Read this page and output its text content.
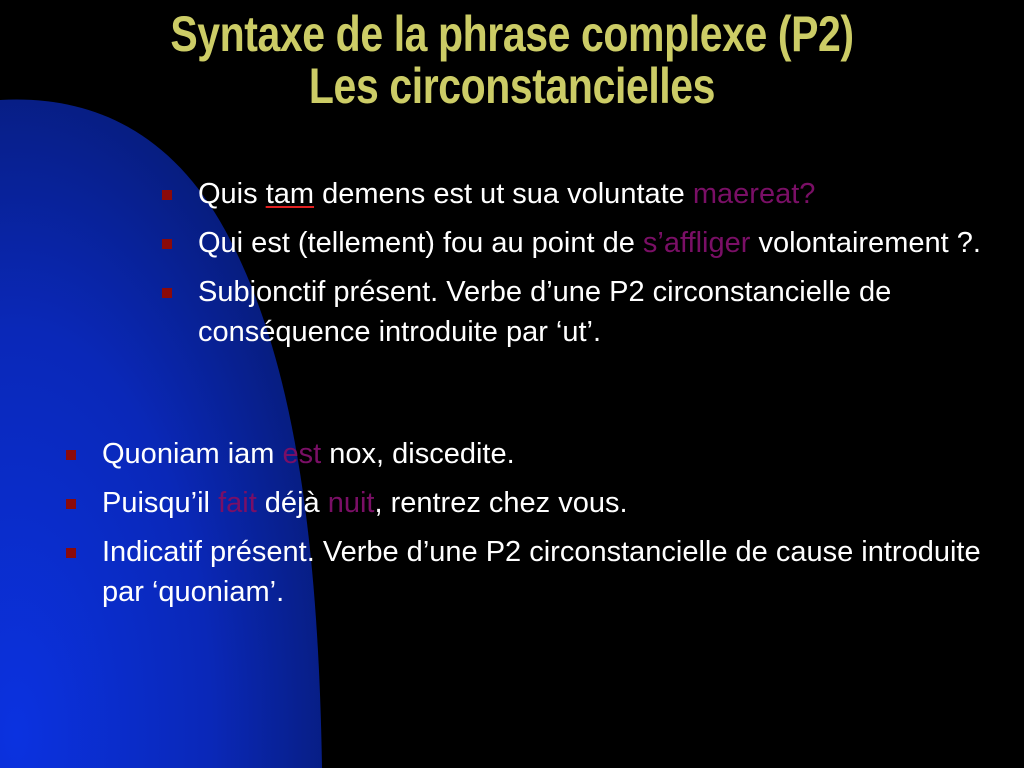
Syntaxe de la phrase complexe (P2)
Les circonstancielles
Quis tam demens est ut sua voluntate maereat?
Qui est (tellement) fou au point de s’affliger volontairement ?.
Subjonctif présent. Verbe d’une P2 circonstancielle de conséquence introduite par ‘ut’.
Quoniam iam est nox, discedite.
Puisqu’il fait déjà nuit, rentrez chez vous.
Indicatif présent. Verbe d’une P2 circonstancielle de cause introduite par ‘quoniam’.
